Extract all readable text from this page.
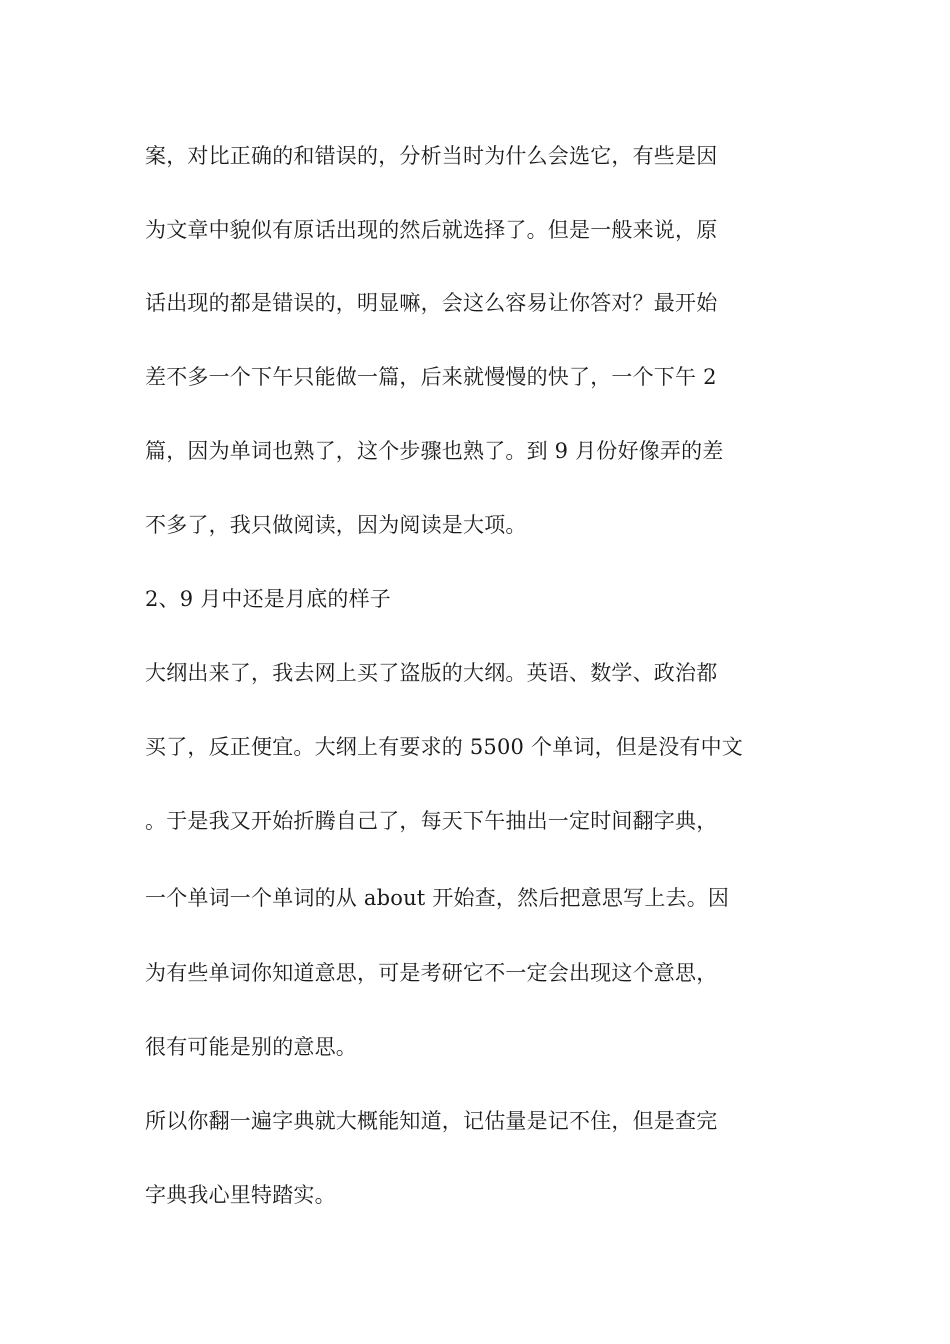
案，对比正确的和错误的，分析当时为什么会选它，有些是因
为文章中貌似有原话出现的然后就选择了。但是一般来说，原
话出现的都是错误的，明显嘛，会这么容易让你答对？最开始
差不多一个下午只能做一篇，后来就慢慢的快了，一个下午 2
篇，因为单词也熟了，这个步骤也熟了。到 9 月份好像弄的差
不多了，我只做阅读，因为阅读是大项。
2、9 月中还是月底的样子
大纲出来了，我去网上买了盗版的大纲。英语、数学、政治都
买了，反正便宜。大纲上有要求的 5500 个单词，但是没有中文
。于是我又开始折腾自己了，每天下午抽出一定时间翻字典，
一个单词一个单词的从 about 开始查，然后把意思写上去。因
为有些单词你知道意思，可是考研它不一定会出现这个意思，
很有可能是别的意思。
所以你翻一遍字典就大概能知道，记估量是记不住，但是查完
字典我心里特踏实。
